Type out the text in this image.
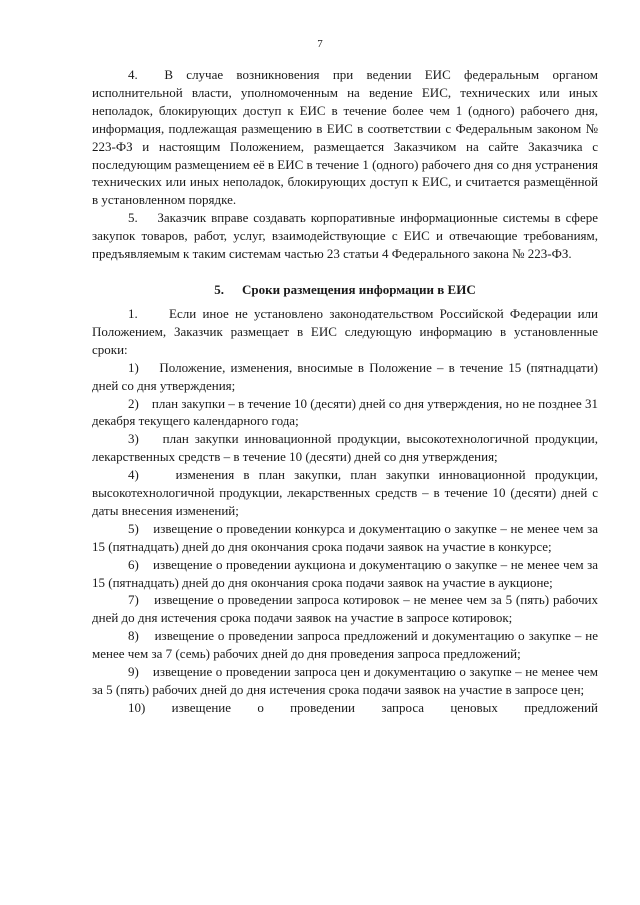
7

4.  В случае возникновения при ведении ЕИС федеральным органом исполнительной власти, уполномоченным на ведение ЕИС, технических или иных неполадок, блокирующих доступ к ЕИС в течение более чем 1 (одного) рабочего дня, информация, подлежащая размещению в ЕИС в соответствии с Федеральным законом № 223-ФЗ и настоящим Положением, размещается Заказчиком на сайте Заказчика с последующим размещением её в ЕИС в течение 1 (одного) рабочего дня со дня устранения технических или иных неполадок, блокирующих доступ к ЕИС, и считается размещённой в установленном порядке.

5.    Заказчик вправе создавать корпоративные информационные системы в сфере закупок товаров, работ, услуг, взаимодействующие с ЕИС и отвечающие требованиям, предъявляемым к таким системам частью 23 статьи 4 Федерального закона № 223-ФЗ.

5. Сроки размещения информации в ЕИС

1.     Если иное не установлено законодательством Российской Федерации или Положением, Заказчик размещает в ЕИС следующую информацию в установленные сроки:

1)    Положение, изменения, вносимые в Положение – в течение 15 (пятнадцати) дней со дня утверждения;

2)    план закупки – в течение 10 (десяти) дней со дня утверждения, но не позднее 31 декабря текущего календарного года;

3)    план закупки инновационной продукции, высокотехнологичной продукции, лекарственных средств – в течение 10 (десяти) дней со дня утверждения;

4)    изменения в план закупки, план закупки инновационной продукции, высокотехнологичной продукции, лекарственных средств – в течение 10 (десяти) дней с даты внесения изменений;

5)    извещение о проведении конкурса и документацию о закупке – не менее чем за 15 (пятнадцать) дней до дня окончания срока подачи заявок на участие в конкурсе;

6)    извещение о проведении аукциона и документацию о закупке – не менее чем за 15 (пятнадцать) дней до дня окончания срока подачи заявок на участие в аукционе;

7)    извещение о проведении запроса котировок – не менее чем за 5 (пять) рабочих дней до дня истечения срока подачи заявок на участие в запросе котировок;

8)    извещение о проведении запроса предложений и документацию о закупке – не менее чем за 7 (семь) рабочих дней до дня проведения запроса предложений;

9)    извещение о проведении запроса цен и документацию о закупке – не менее чем за 5 (пять) рабочих дней до дня истечения срока подачи заявок на участие в запросе цен;

10) извещение о проведении запроса ценовых предложений
